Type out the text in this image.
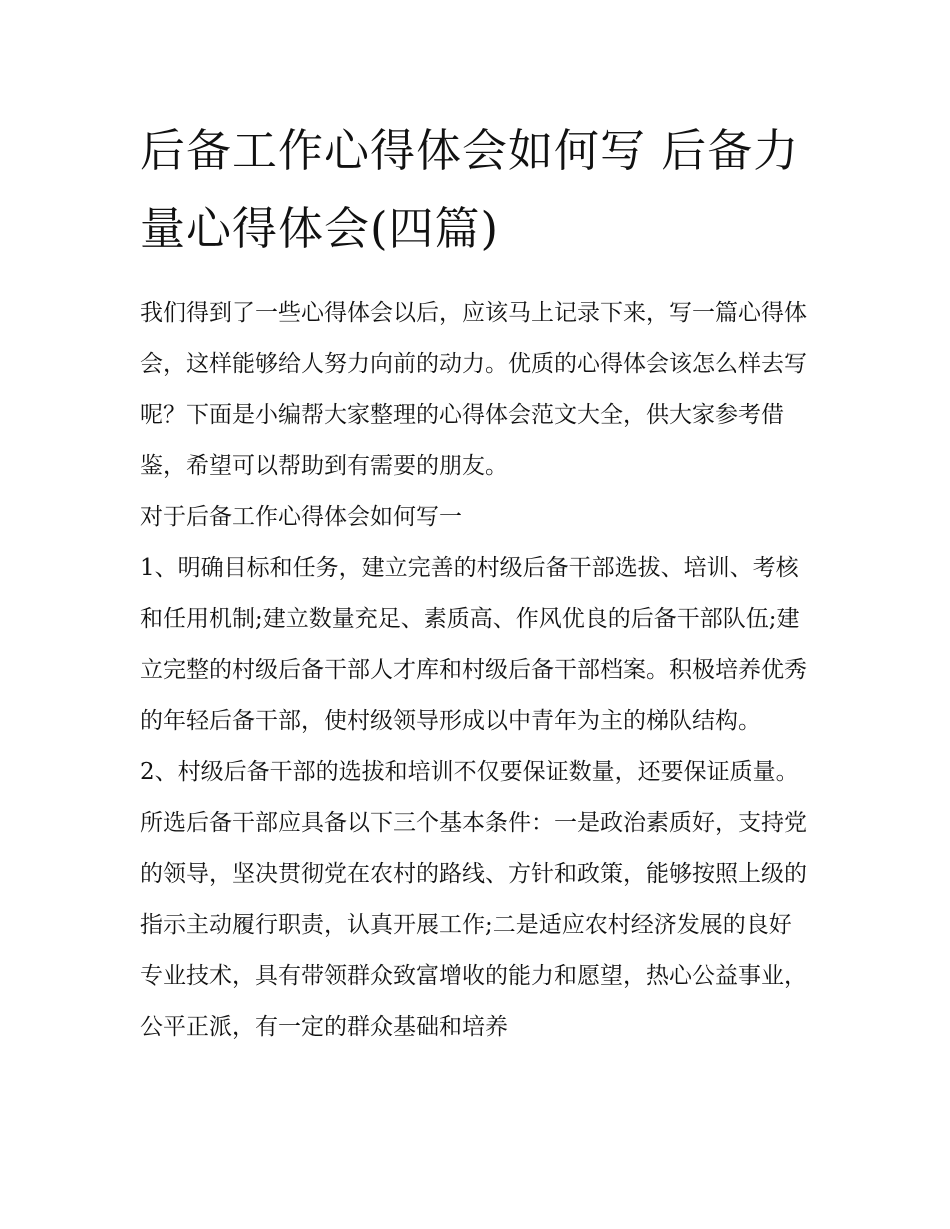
后备工作心得体会如何写 后备力量心得体会(四篇)

我们得到了一些心得体会以后，应该马上记录下来，写一篇心得体会，这样能够给人努力向前的动力。优质的心得体会该怎么样去写呢？下面是小编帮大家整理的心得体会范文大全，供大家参考借鉴，希望可以帮助到有需要的朋友。

对于后备工作心得体会如何写一

1、明确目标和任务，建立完善的村级后备干部选拔、培训、考核和任用机制;建立数量充足、素质高、作风优良的后备干部队伍;建立完整的村级后备干部人才库和村级后备干部档案。积极培养优秀的年轻后备干部，使村级领导形成以中青年为主的梯队结构。

2、村级后备干部的选拔和培训不仅要保证数量，还要保证质量。所选后备干部应具备以下三个基本条件：一是政治素质好，支持党的领导，坚决贯彻党在农村的路线、方针和政策，能够按照上级的指示主动履行职责，认真开展工作;二是适应农村经济发展的良好专业技术，具有带领群众致富增收的能力和愿望，热心公益事业，公平正派，有一定的群众基础和培养
